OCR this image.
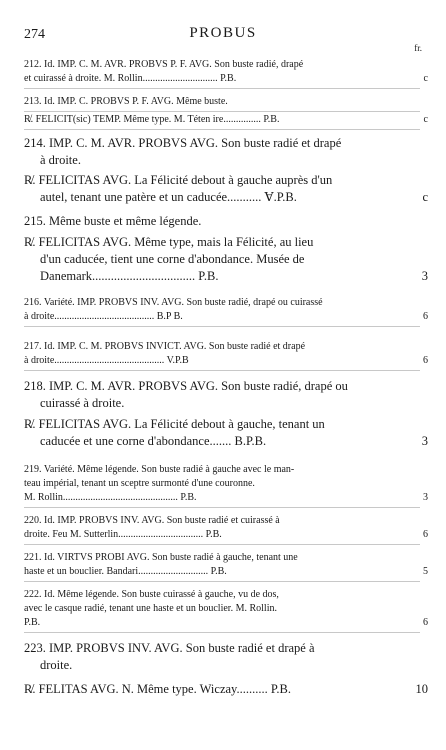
274	PROBUS
fr.
212. Id. IMP. C. M. AVR. PROBVS P. F. AVG. Son buste radié, drapé
et cuirassé à droite. M. Rollin.............................. P.B.	c
213. Id. IMP. C. PROBVS P. F. AVG. Même buste.
R̸. FELICIT(sic) TEMP. Même type. M. Téten ire............... P.B.	c
214. IMP. C. M. AVR. PROBVS AVG. Son buste radié et drapé
à droite.
R̸. FELICITAS AVG. La Félicité debout à gauche auprès d'un
autel, tenant une patère et un caducée........... Ɐ.P.B.	c
215. Même buste et même légende.
R̸. FELICITAS AVG. Même type, mais la Félicité, au lieu
d'un caducée, tient une corne d'abondance. Musée de
Danemark................................. P.B.	3
216. Variété. IMP. PROBVS INV. AVG. Son buste radié, drapé ou cuirassé
à droite........................................ B.P B.	6
217. Id. IMP. C. M. PROBVS INVICT. AVG. Son buste radié et drapé
à droite............................................ V.P.B	6
218. IMP. C. M. AVR. PROBVS AVG. Son buste radié, drapé ou
cuirassé à droite.
R̸. FELICITAS AVG. La Félicité debout à gauche, tenant un
caducée et une corne d'abondance....... B.P.B.	3
219. Variété. Même légende. Son buste radié à gauche avec le man-
teau impérial, tenant un sceptre surmonté d'une couronne.
M. Rollin.............................................. P.B.	3
220. Id. IMP. PROBVS INV. AVG. Son buste radié et cuirassé à
droite. Feu M. Sutterlin.................................. P.B.	6
221. Id. VIRTVS PROBI AVG. Son buste radié à gauche, tenant une
haste et un bouclier. Bandari............................ P.B.	5
222. Id. Même légende. Son buste cuirassé à gauche, vu de dos,
avec le casque radié, tenant une haste et un bouclier. M. Rollin.
P.B.	6
223. IMP. PROBVS INV. AVG. Son buste radié et drapé à
droite.
R̸. FELITAS AVG. N. Même type. Wiczay.......... P.B.	10
